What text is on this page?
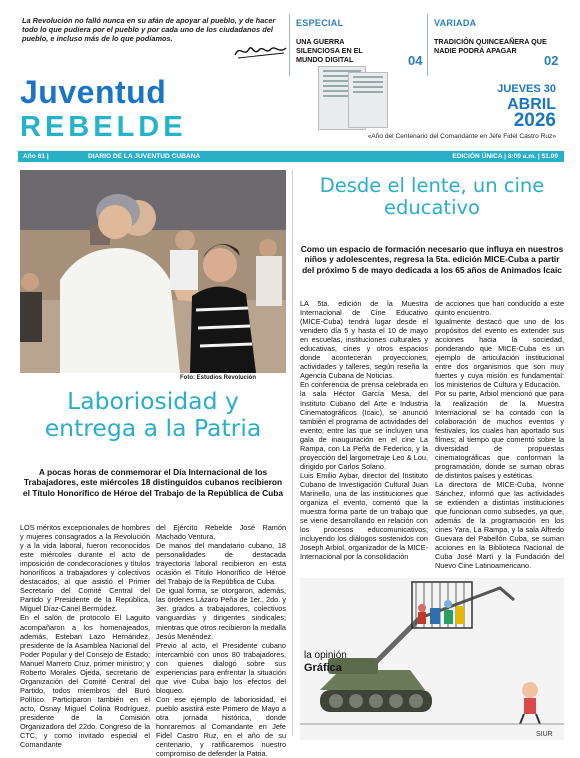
La Revolución no falló nunca en su afán de apoyar al pueblo, y de hacer todo lo que pudiera por el pueblo y por cada uno de los ciudadanos del pueblo, e incluso más de lo que podíamos.
ESPECIAL
UNA GUERRA SILENCIOSA EN EL MUNDO DIGITAL	04
VARIADA
TRADICIÓN QUINCEAÑERA QUE NADIE PODRÁ APAGAR
02
Juventud
REBELDE
JUEVES 30
ABRIL
2026
«Año del Centenario del Comandante en Jefe Fidel Castro Ruz»
Año 61 |	DIARIO DE LA JUVENTUD CUBANA	EDICIÓN ÚNICA | 8:00 a.m. | $1.00
Foto: Estudios Revolución
Laboriosidad y entrega a la Patria
A pocas horas de conmemorar el Día Internacional de los Trabajadores, este miércoles 18 distinguidos cubanos recibieron el Título Honorífico de Héroe del Trabajo de la República de Cuba
LOS méritos excepcionales de hombres y mujeres consagrados a la Revolución y a la vida laboral, fueron reconocidos este miércoles durante el acto de imposición de condecoraciones y títulos honoríficos a trabajadores y colectivos destacados, al que asistió el Primer Secretario del Comité Central del Partido y Presidente de la República, Miguel Díaz-Canel Bermúdez.
En el salón de protocolo El Laguito acompañaron a los homenajeados, además, Esteban Lazo Hernández, presidente de la Asamblea Nacional del Poder Popular y del Consejo de Estado; Manuel Marrero Cruz, primer ministro; y Roberto Morales Ojeda, secretario de Organización del Comité Central del Partido, todos miembros del Buró Político. Participaron también en el acto, Osnay Miguel Colina Rodríguez, presidente de la Comisión Organizadora del 22do. Congreso de la CTC, y como invitado especial el Comandante
del Ejército Rebelde José Ramón Machado Ventura.
De manos del mandatario cubano, 18 personalidades de destacada trayectoria laboral recibieron en esta ocasión el Título Honorífico de Héroe del Trabajo de la República de Cuba.
De igual forma, se otorgaron, además, las órdenes Lázaro Peña de 1er., 2do. y 3er. grados a trabajadores, colectivos vanguardias y dirigentes sindicales; mientras que otros recibieron la medalla Jesús Menéndez.
Previo al acto, el Presidente cubano intercambió con unos 80 trabajadores, con quienes dialogó sobre sus experiencias para enfrentar la situación que vive Cuba bajo los efectos del bloqueo.
Con ese ejemplo de laboriosidad, el pueblo asistirá este Primero de Mayo a otra jornada histórica, donde honraremos al Comandante en Jefe Fidel Castro Ruz, en el año de su centenario, y ratificaremos nuestro compromiso de defender la Patria.
Desde el lente, un cine educativo
Como un espacio de formación necesario que influya en nuestros niños y adolescentes, regresa la 5ta. edición MICE-Cuba a partir del próximo 5 de mayo dedicada a los 65 años de Animados Icaic
LA 5ta. edición de la Muestra Internacional de Cine Educativo (MICE-Cuba) tendrá lugar desde el venidero día 5 y hasta el 10 de mayo en escuelas, instituciones culturales y educativas, cines y otros espacios donde acontecerán proyecciones, actividades y talleres, según reseña la Agencia Cubana de Noticias.
En conferencia de prensa celebrada en la sala Héctor García Mesa, del Instituto Cubano del Arte e Industria Cinematográficos (Icaic), se anunció también el programa de actividades del evento; entre las que se incluyen una gala de inauguración en el cine La Rampa, con La Peña de Federico, y la proyección del largometraje Leo & Lou, dirigido por Carlos Solano.
Luis Emilio Aybar, director del Instituto Cubano de Investigación Cultural Juan Marinello, una de las instituciones que organiza el evento, comentó que la muestra forma parte de un trabajo que se viene desarrollando en relación con los procesos educomunicativos; incluyendo los diálogos sostenidos con Joseph Arbiol, organizador de la MICE-Internacional por la consolidación
de acciones que han conducido a este quinto encuentro.
Igualmente destacó que uno de los propósitos del evento es extender sus acciones hacia la sociedad, ponderando que MICE-Cuba es un ejemplo de articulación institucional entre dos organismos que son muy fuertes y cuya misión es fundamental: los ministerios de Cultura y Educación.
Por su parte, Arbiol mencionó que para la realización de la Muestra Internacional se ha contado con la colaboración de muchos eventos y festivales, los cuales han aportado sus filmes; al tiempo que comentó sobre la diversidad de propuestas cinematográficas que conforman la programación, donde se suman obras de distintos países y estéticas.
La directora de MICE-Cuba, Ivonne Sánchez, informó que las actividades se extienden a distintas instituciones que funcionan como subsedes, ya que, además de la programación en los cines Yara, La Rampa, y la sala Alfredo Guevara del Pabellón Cuba, se suman acciones en la Biblioteca Nacional de Cuba José Martí y la Fundación del Nuevo Cine Latinoamericano.
SIUR
la opinión
Gráfica
